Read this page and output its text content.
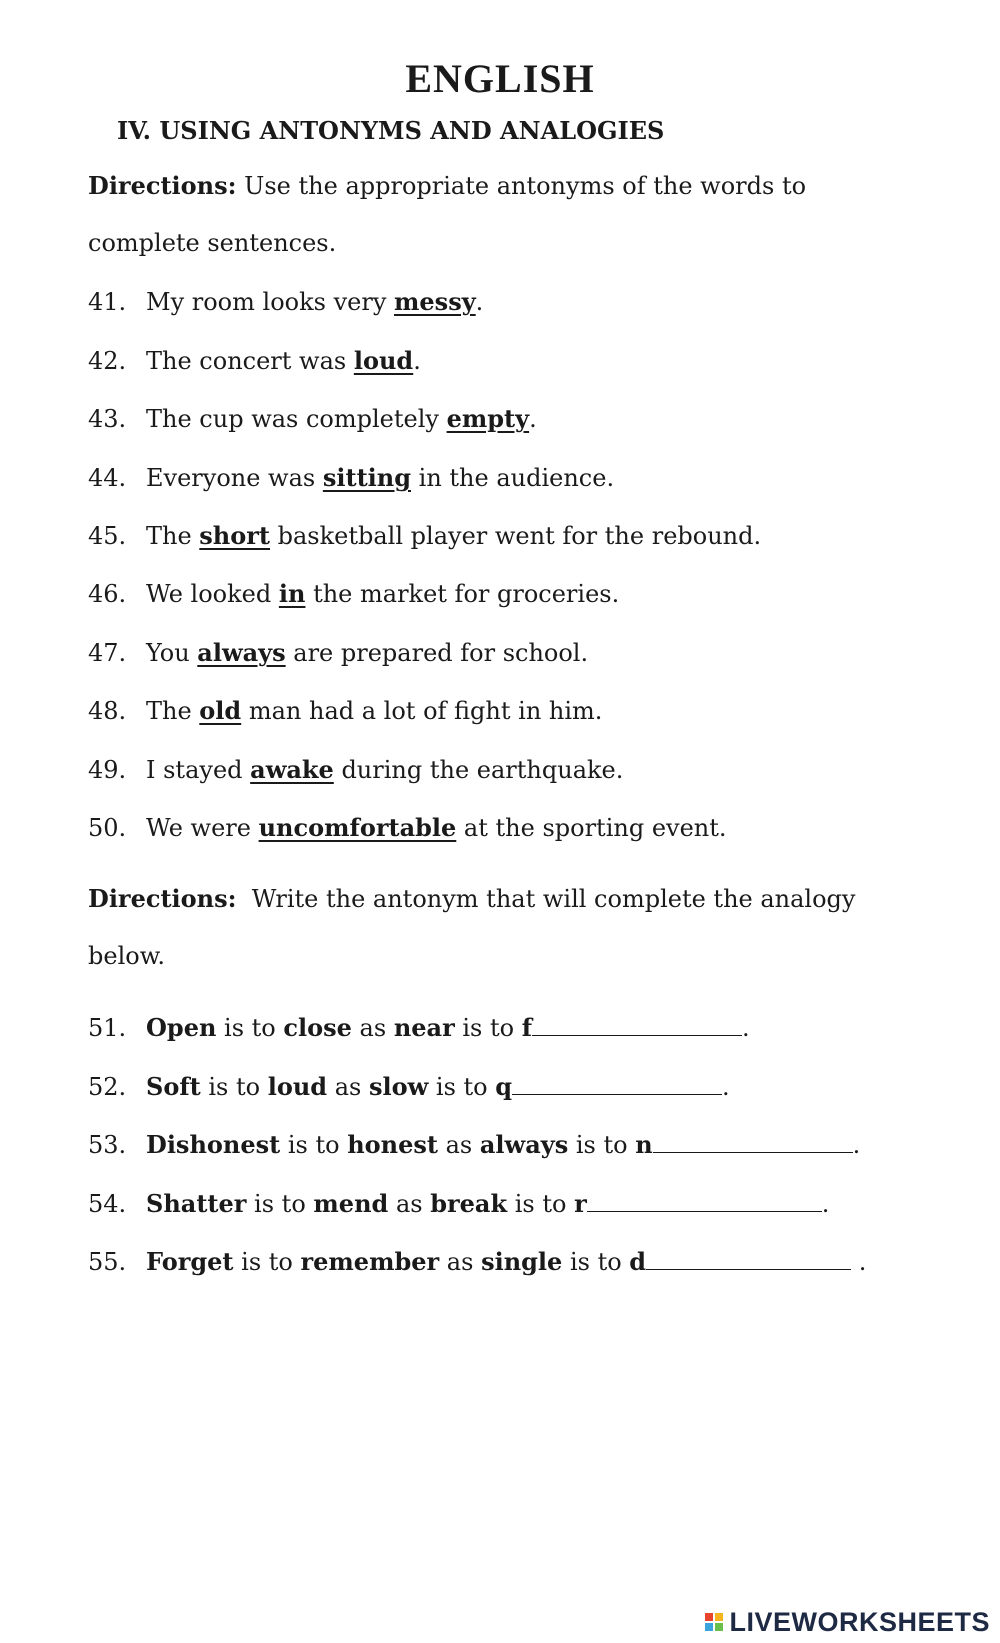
ENGLISH
IV. USING ANTONYMS AND ANALOGIES

Directions: Use the appropriate antonyms of the words to

complete sentences.

41. My room looks very messy.
42. The concert was loud.
43. The cup was completely empty.
44. Everyone was sitting in the audience.
45. The short basketball player went for the rebound.
46. We looked in the market for groceries.
47. You always are prepared for school.
48. The old man had a lot of fight in him.
49. I stayed awake during the earthquake.
50. We were uncomfortable at the sporting event.

Directions:  Write the antonym that will complete the analogy

below.

51. Open is to close as near is to f	.
52. Soft is to loud as slow is to q	.
53. Dishonest is to honest as always is to n	.
54. Shatter is to mend as break is to r	.
55. Forget is to remember as single is to d	.
LIVEWORKSHEETS
